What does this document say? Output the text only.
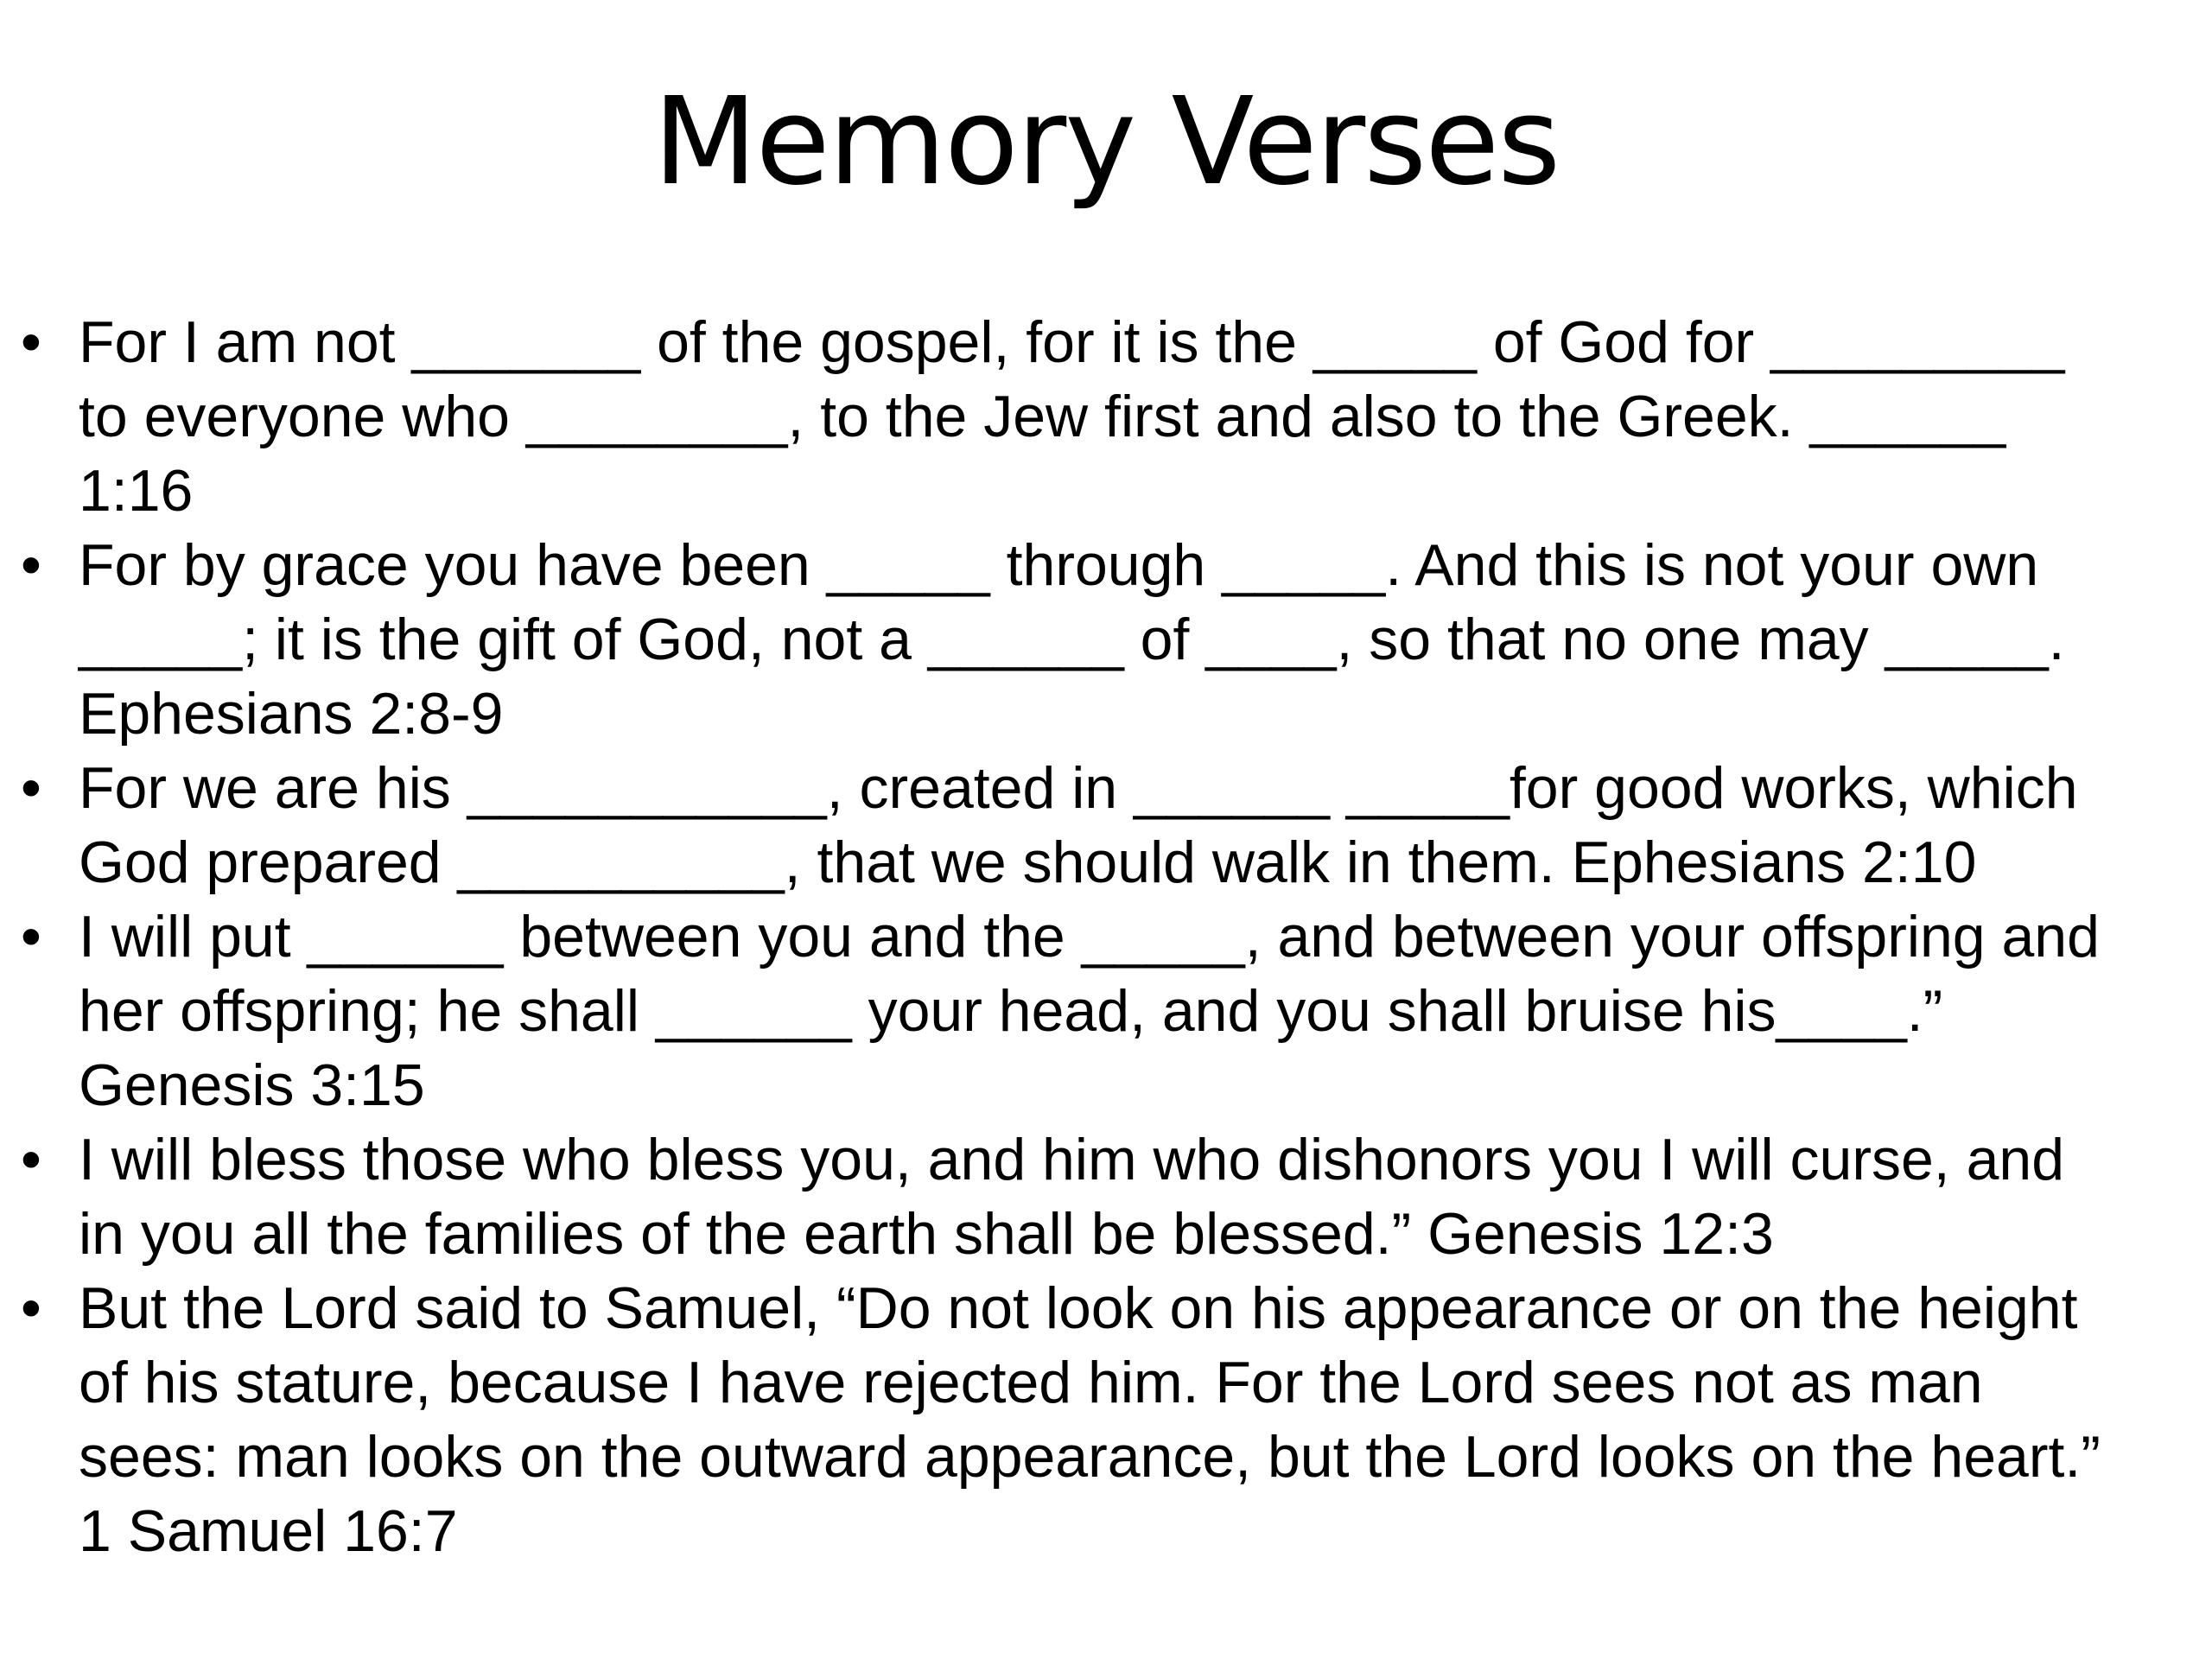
Memory Verses
• For I am not _______ of the gospel, for it is the _____ of God for _________
to everyone who ________, to the Jew first and also to the Greek. ______
1:16
• For by grace you have been _____ through _____. And this is not your own
_____; it is the gift of God, not a ______ of ____, so that no one may _____.
Ephesians 2:8-9
• For we are his ___________, created in ______ _____for good works, which
God prepared __________, that we should walk in them. Ephesians 2:10
• I will put ______ between you and the _____, and between your offspring and
her offspring; he shall ______ your head, and you shall bruise his____.”
Genesis 3:15
• I will bless those who bless you, and him who dishonors you I will curse, and
in you all the families of the earth shall be blessed.” Genesis 12:3
• But the Lord said to Samuel, “Do not look on his appearance or on the height
of his stature, because I have rejected him. For the Lord sees not as man
sees: man looks on the outward appearance, but the Lord looks on the heart.”
1 Samuel 16:7
